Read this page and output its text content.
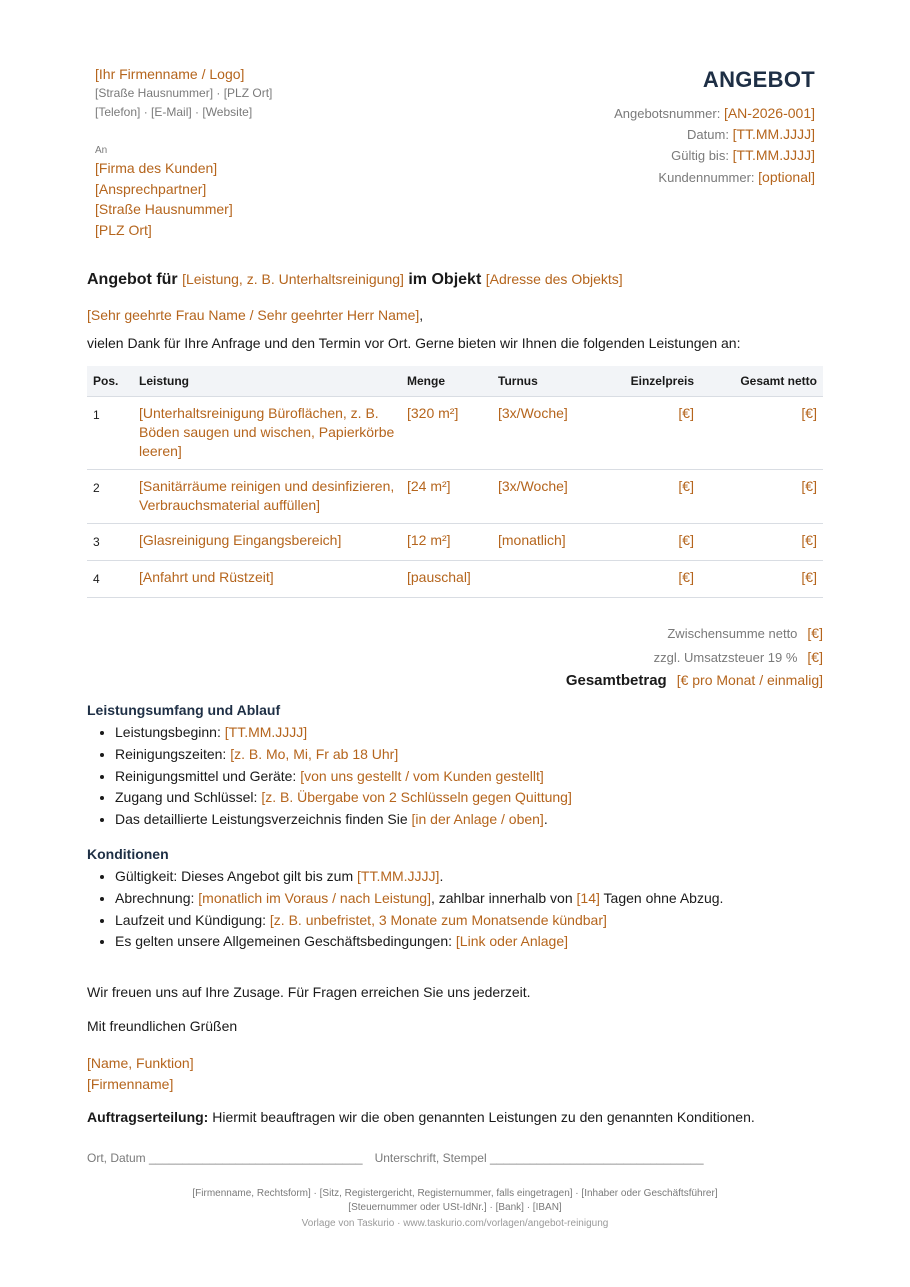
[Ihr Firmenname / Logo]
[Straße Hausnummer] · [PLZ Ort]
[Telefon] · [E-Mail] · [Website]
An
[Firma des Kunden]
[Ansprechpartner]
[Straße Hausnummer]
[PLZ Ort]
ANGEBOT
Angebotsnummer: [AN-2026-001]
Datum: [TT.MM.JJJJ]
Gültig bis: [TT.MM.JJJJ]
Kundennummer: [optional]
Angebot für [Leistung, z. B. Unterhaltsreinigung] im Objekt [Adresse des Objekts]
[Sehr geehrte Frau Name / Sehr geehrter Herr Name],
vielen Dank für Ihre Anfrage und den Termin vor Ort. Gerne bieten wir Ihnen die folgenden Leistungen an:
Pos.	Leistung	Menge	Turnus	Einzelpreis	Gesamt netto
1	[Unterhaltsreinigung Büroflächen, z. B. Böden saugen und wischen, Papierkörbe leeren]	[320 m²]	[3x/Woche]	[€]	[€]
2	[Sanitärräume reinigen und desinfizieren, Verbrauchsmaterial auffüllen]	[24 m²]	[3x/Woche]	[€]	[€]
3	[Glasreinigung Eingangsbereich]	[12 m²]	[monatlich]	[€]	[€]
4	[Anfahrt und Rüstzeit]	[pauschal]		[€]	[€]
Zwischensumme netto [€]
zzgl. Umsatzsteuer 19 % [€]
Gesamtbetrag [€ pro Monat / einmalig]
Leistungsumfang und Ablauf
• Leistungsbeginn: [TT.MM.JJJJ]
• Reinigungszeiten: [z. B. Mo, Mi, Fr ab 18 Uhr]
• Reinigungsmittel und Geräte: [von uns gestellt / vom Kunden gestellt]
• Zugang und Schlüssel: [z. B. Übergabe von 2 Schlüsseln gegen Quittung]
• Das detaillierte Leistungsverzeichnis finden Sie [in der Anlage / oben].
Konditionen
• Gültigkeit: Dieses Angebot gilt bis zum [TT.MM.JJJJ].
• Abrechnung: [monatlich im Voraus / nach Leistung], zahlbar innerhalb von [14] Tagen ohne Abzug.
• Laufzeit und Kündigung: [z. B. unbefristet, 3 Monate zum Monatsende kündbar]
• Es gelten unsere Allgemeinen Geschäftsbedingungen: [Link oder Anlage]
Wir freuen uns auf Ihre Zusage. Für Fragen erreichen Sie uns jederzeit.
Mit freundlichen Grüßen
[Name, Funktion]
[Firmenname]
Auftragserteilung: Hiermit beauftragen wir die oben genannten Leistungen zu den genannten Konditionen.
Ort, Datum ________________________________ Unterschrift, Stempel ________________________________
[Firmenname, Rechtsform] · [Sitz, Registergericht, Registernummer, falls eingetragen] · [Inhaber oder Geschäftsführer]
[Steuernummer oder USt-IdNr.] · [Bank] · [IBAN]
Vorlage von Taskurio · www.taskurio.com/vorlagen/angebot-reinigung
